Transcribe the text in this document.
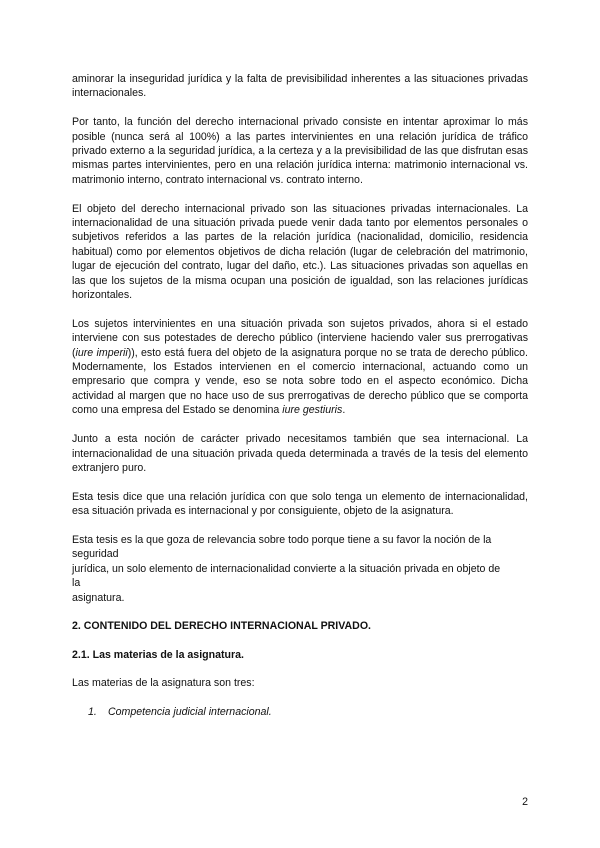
aminorar la inseguridad jurídica y la falta de previsibilidad inherentes a las situaciones privadas internacionales.

Por tanto, la función del derecho internacional privado consiste en intentar aproximar lo más posible (nunca será al 100%) a las partes intervinientes en una relación jurídica de tráfico privado externo a la seguridad jurídica, a la certeza y a la previsibilidad de las que disfrutan esas mismas partes intervinientes, pero en una relación jurídica interna: matrimonio internacional vs. matrimonio interno, contrato internacional vs. contrato interno.

El objeto del derecho internacional privado son las situaciones privadas internacionales. La internacionalidad de una situación privada puede venir dada tanto por elementos personales o subjetivos referidos a las partes de la relación jurídica (nacionalidad, domicilio, residencia habitual) como por elementos objetivos de dicha relación (lugar de celebración del matrimonio, lugar de ejecución del contrato, lugar del daño, etc.). Las situaciones privadas son aquellas en las que los sujetos de la misma ocupan una posición de igualdad, son las relaciones jurídicas horizontales.

Los sujetos intervinientes en una situación privada son sujetos privados, ahora si el estado interviene con sus potestades de derecho público (interviene haciendo valer sus prerrogativas (iure imperii)), esto está fuera del objeto de la asignatura porque no se trata de derecho público. Modernamente, los Estados intervienen en el comercio internacional, actuando como un empresario que compra y vende, eso se nota sobre todo en el aspecto económico. Dicha actividad al margen que no hace uso de sus prerrogativas de derecho público que se comporta como una empresa del Estado se denomina iure gestiuris.

Junto a esta noción de carácter privado necesitamos también que sea internacional. La internacionalidad de una situación privada queda determinada a través de la tesis del elemento extranjero puro.

Esta tesis dice que una relación jurídica con que solo tenga un elemento de internacionalidad, esa situación privada es internacional y por consiguiente, objeto de la asignatura.

Esta tesis es la que goza de relevancia sobre todo porque tiene a su favor la noción de la
seguridad
jurídica, un solo elemento de internacionalidad convierte a la situación privada en objeto de
la
asignatura.

2. CONTENIDO DEL DERECHO INTERNACIONAL PRIVADO.
2.1. Las materias de la asignatura.

Las materias de la asignatura son tres:

1. Competencia judicial internacional.
2
